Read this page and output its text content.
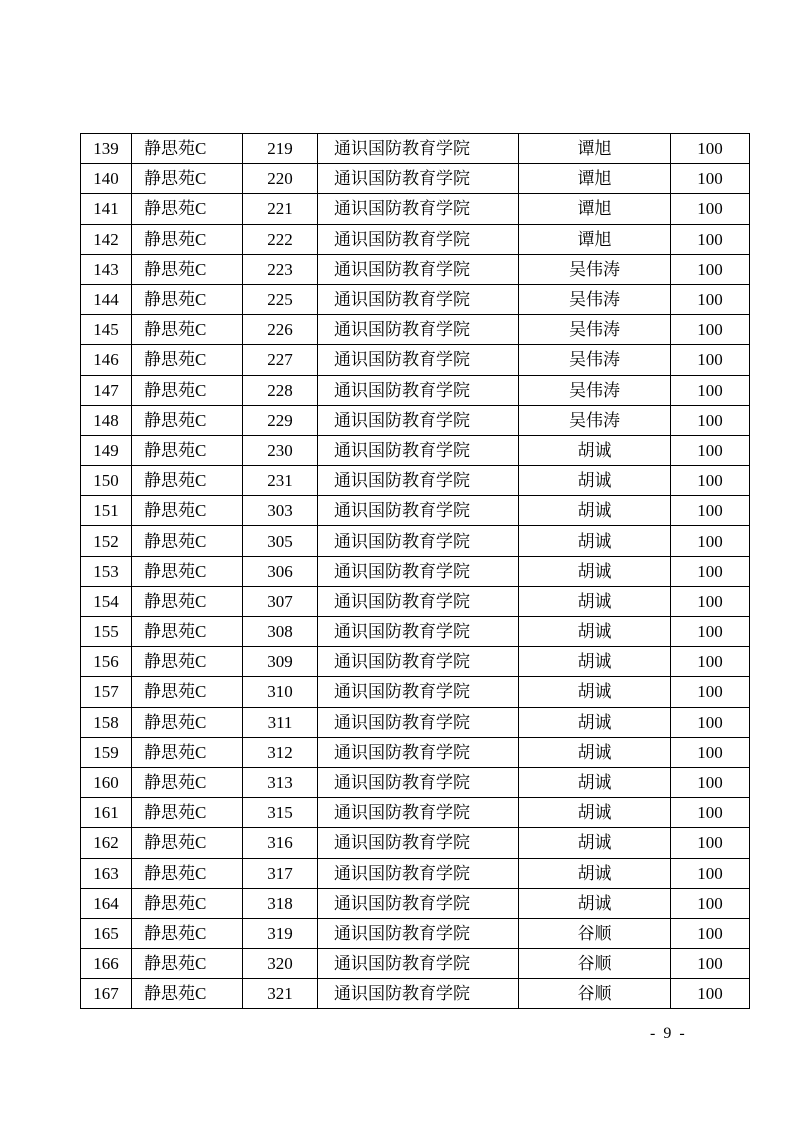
139	静思苑C	219	通识国防教育学院	谭旭	100
140	静思苑C	220	通识国防教育学院	谭旭	100
141	静思苑C	221	通识国防教育学院	谭旭	100
142	静思苑C	222	通识国防教育学院	谭旭	100
143	静思苑C	223	通识国防教育学院	吴伟涛	100
144	静思苑C	225	通识国防教育学院	吴伟涛	100
145	静思苑C	226	通识国防教育学院	吴伟涛	100
146	静思苑C	227	通识国防教育学院	吴伟涛	100
147	静思苑C	228	通识国防教育学院	吴伟涛	100
148	静思苑C	229	通识国防教育学院	吴伟涛	100
149	静思苑C	230	通识国防教育学院	胡诚	100
150	静思苑C	231	通识国防教育学院	胡诚	100
151	静思苑C	303	通识国防教育学院	胡诚	100
152	静思苑C	305	通识国防教育学院	胡诚	100
153	静思苑C	306	通识国防教育学院	胡诚	100
154	静思苑C	307	通识国防教育学院	胡诚	100
155	静思苑C	308	通识国防教育学院	胡诚	100
156	静思苑C	309	通识国防教育学院	胡诚	100
157	静思苑C	310	通识国防教育学院	胡诚	100
158	静思苑C	311	通识国防教育学院	胡诚	100
159	静思苑C	312	通识国防教育学院	胡诚	100
160	静思苑C	313	通识国防教育学院	胡诚	100
161	静思苑C	315	通识国防教育学院	胡诚	100
162	静思苑C	316	通识国防教育学院	胡诚	100
163	静思苑C	317	通识国防教育学院	胡诚	100
164	静思苑C	318	通识国防教育学院	胡诚	100
165	静思苑C	319	通识国防教育学院	谷顺	100
166	静思苑C	320	通识国防教育学院	谷顺	100
167	静思苑C	321	通识国防教育学院	谷顺	100
- 9 -
